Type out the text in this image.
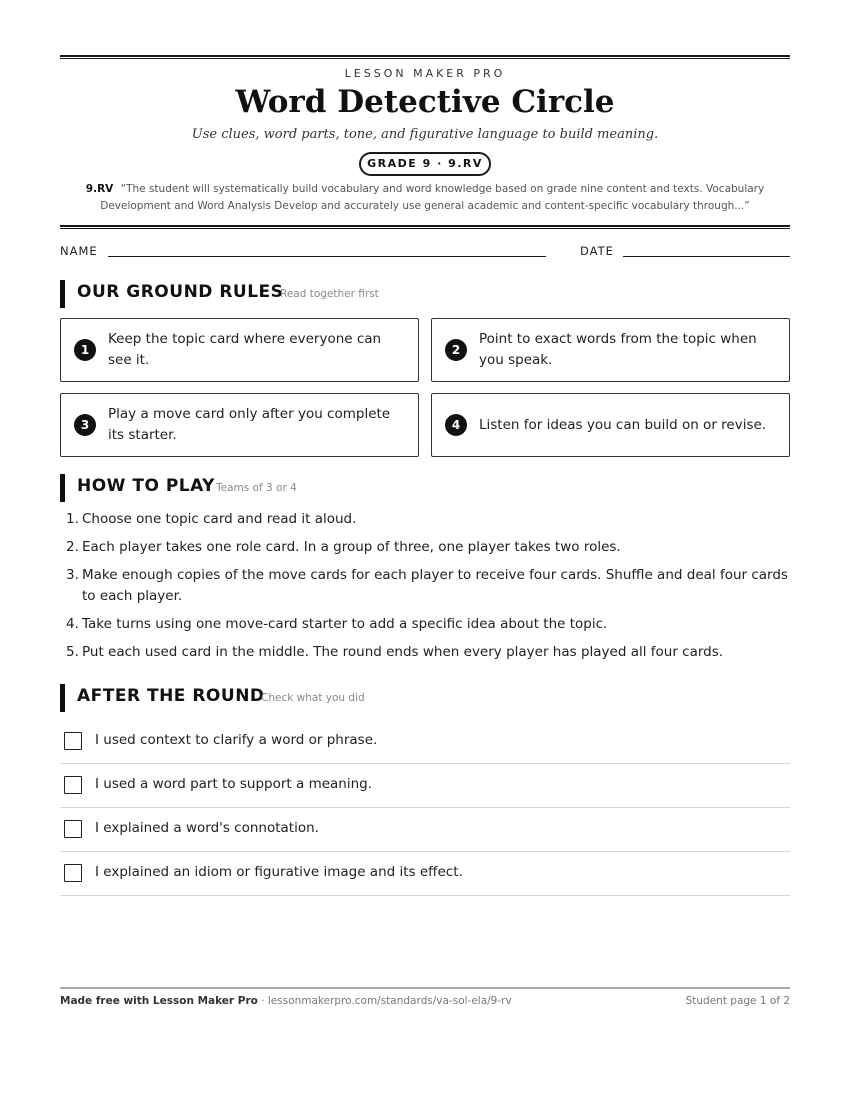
LESSON MAKER PRO
Word Detective Circle
Use clues, word parts, tone, and figurative language to build meaning.
GRADE 9 · 9.RV
9.RV “The student will systematically build vocabulary and word knowledge based on grade nine content and texts. Vocabulary Development and Word Analysis Develop and accurately use general academic and content-specific vocabulary through...”
NAME	DATE
OUR GROUND RULES
Read together first
1
Keep the topic card where everyone can see it.
2
Point to exact words from the topic when you speak.
3
Play a move card only after you complete its starter.
4	Listen for ideas you can build on or revise.
HOW TO PLAY Teams of 3 or 4
1. Choose one topic card and read it aloud.
2. Each player takes one role card. In a group of three, one player takes two roles.
3. Make enough copies of the move cards for each player to receive four cards. Shuffle and deal four cards to each player.
4. Take turns using one move-card starter to add a specific idea about the topic.
5. Put each used card in the middle. The round ends when every player has played all four cards.
AFTER THE ROUND
Check what you did
I used context to clarify a word or phrase.
I used a word part to support a meaning.
I explained a word's connotation.
I explained an idiom or figurative image and its effect.
Made free with Lesson Maker Pro · lessonmakerpro.com/standards/va-sol-ela/9-rv	Student page 1 of 2
